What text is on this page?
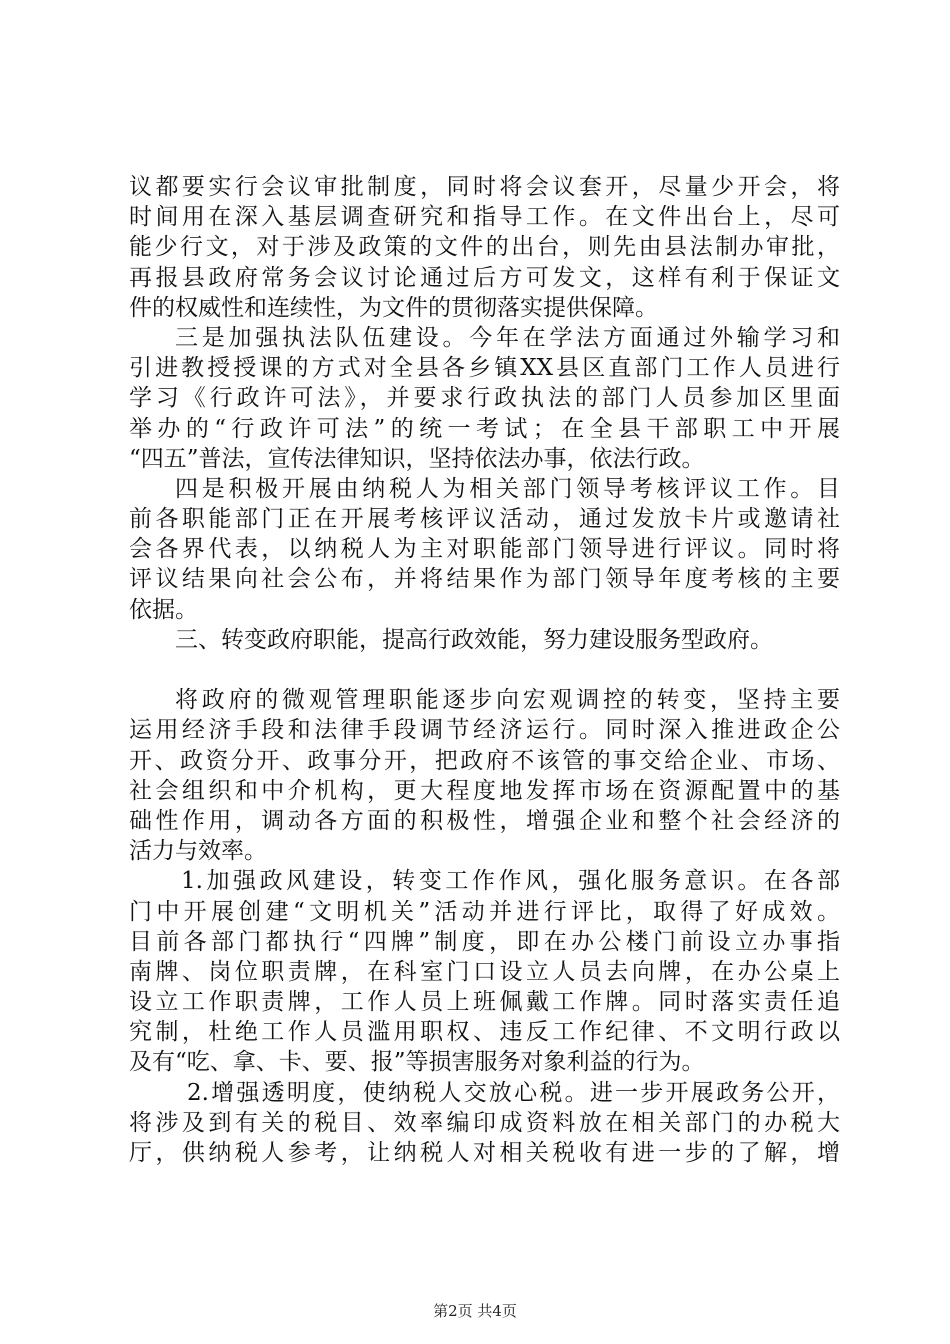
议都要实行会议审批制度，同时将会议套开，尽量少开会，将
时间用在深入基层调查研究和指导工作。在文件出台上，尽可
能少行文，对于涉及政策的文件的出台，则先由县法制办审批，
再报县政府常务会议讨论通过后方可发文，这样有利于保证文
件的权威性和连续性，为文件的贯彻落实提供保障。
三是加强执法队伍建设。今年在学法方面通过外输学习和
引进教授授课的方式对全县各乡镇XX县区直部门工作人员进行
学习《行政许可法》，并要求行政执法的部门人员参加区里面
举办的“行政许可法”的统一考试；在全县干部职工中开展
“四五”普法，宣传法律知识，坚持依法办事，依法行政。
四是积极开展由纳税人为相关部门领导考核评议工作。目
前各职能部门正在开展考核评议活动，通过发放卡片或邀请社
会各界代表，以纳税人为主对职能部门领导进行评议。同时将
评议结果向社会公布，并将结果作为部门领导年度考核的主要
依据。
三、转变政府职能，提高行政效能，努力建设服务型政府。
将政府的微观管理职能逐步向宏观调控的转变，坚持主要
运用经济手段和法律手段调节经济运行。同时深入推进政企公
开、政资分开、政事分开，把政府不该管的事交给企业、市场、
社会组织和中介机构，更大程度地发挥市场在资源配置中的基
础性作用，调动各方面的积极性，增强企业和整个社会经济的
活力与效率。
1.加强政风建设，转变工作作风，强化服务意识。在各部
门中开展创建“文明机关”活动并进行评比，取得了好成效。
目前各部门都执行“四牌”制度，即在办公楼门前设立办事指
南牌、岗位职责牌，在科室门口设立人员去向牌，在办公桌上
设立工作职责牌，工作人员上班佩戴工作牌。同时落实责任追
究制，杜绝工作人员滥用职权、违反工作纪律、不文明行政以
及有“吃、拿、卡、要、报”等损害服务对象利益的行为。
2.增强透明度，使纳税人交放心税。进一步开展政务公开，
将涉及到有关的税目、效率编印成资料放在相关部门的办税大
厅，供纳税人参考，让纳税人对相关税收有进一步的了解，增
第2页 共4页
